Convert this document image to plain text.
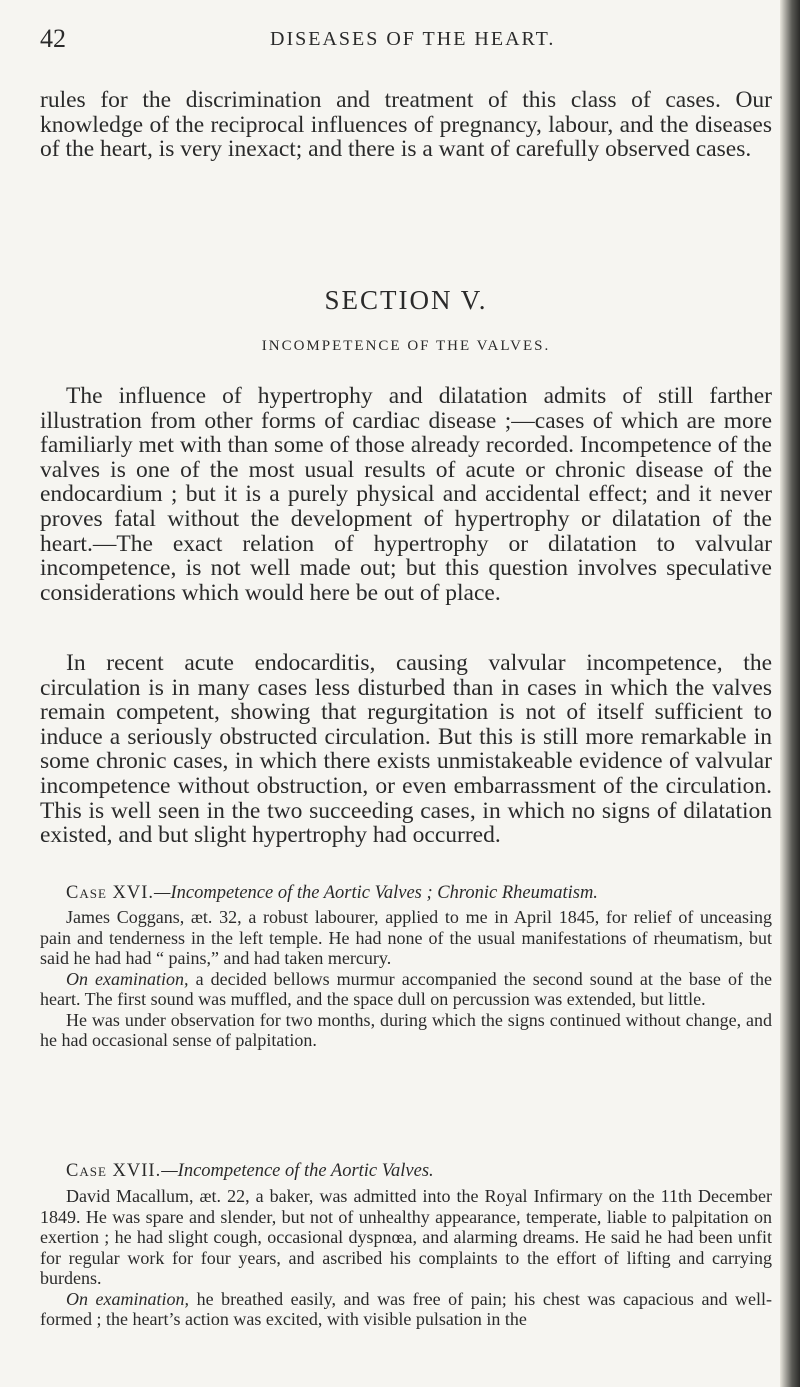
42	DISEASES OF THE HEART.
rules for the discrimination and treatment of this class of cases. Our knowledge of the reciprocal influences of pregnancy, labour, and the diseases of the heart, is very inexact; and there is a want of carefully observed cases.
SECTION V.
INCOMPETENCE OF THE VALVES.
The influence of hypertrophy and dilatation admits of still farther illustration from other forms of cardiac disease ;—cases of which are more familiarly met with than some of those already recorded. Incompetence of the valves is one of the most usual results of acute or chronic disease of the endocardium ; but it is a purely physical and accidental effect; and it never proves fatal without the development of hypertrophy or dilatation of the heart.—The exact relation of hypertrophy or dilatation to valvular incompetence, is not well made out; but this question involves speculative considerations which would here be out of place.
In recent acute endocarditis, causing valvular incompetence, the circulation is in many cases less disturbed than in cases in which the valves remain competent, showing that regurgitation is not of itself sufficient to induce a seriously obstructed circulation. But this is still more remarkable in some chronic cases, in which there exists unmistakeable evidence of valvular incompetence without obstruction, or even embarrassment of the circulation. This is well seen in the two succeeding cases, in which no signs of dilatation existed, and but slight hypertrophy had occurred.
Case XVI.—Incompetence of the Aortic Valves ; Chronic Rheumatism.

James Coggans, æt. 32, a robust labourer, applied to me in April 1845, for relief of unceasing pain and tenderness in the left temple. He had none of the usual manifestations of rheumatism, but said he had had “ pains,” and had taken mercury.

On examination, a decided bellows murmur accompanied the second sound at the base of the heart. The first sound was muffled, and the space dull on percussion was extended, but little.

He was under observation for two months, during which the signs continued without change, and he had occasional sense of palpitation.

Case XVII.—Incompetence of the Aortic Valves.

David Macallum, æt. 22, a baker, was admitted into the Royal Infirmary on the 11th December 1849. He was spare and slender, but not of unhealthy appearance, temperate, liable to palpitation on exertion ; he had slight cough, occasional dyspnœa, and alarming dreams. He said he had been unfit for regular work for four years, and ascribed his complaints to the effort of lifting and carrying burdens.

On examination, he breathed easily, and was free of pain; his chest was capacious and well-formed ; the heart’s action was excited, with visible pulsation in the
